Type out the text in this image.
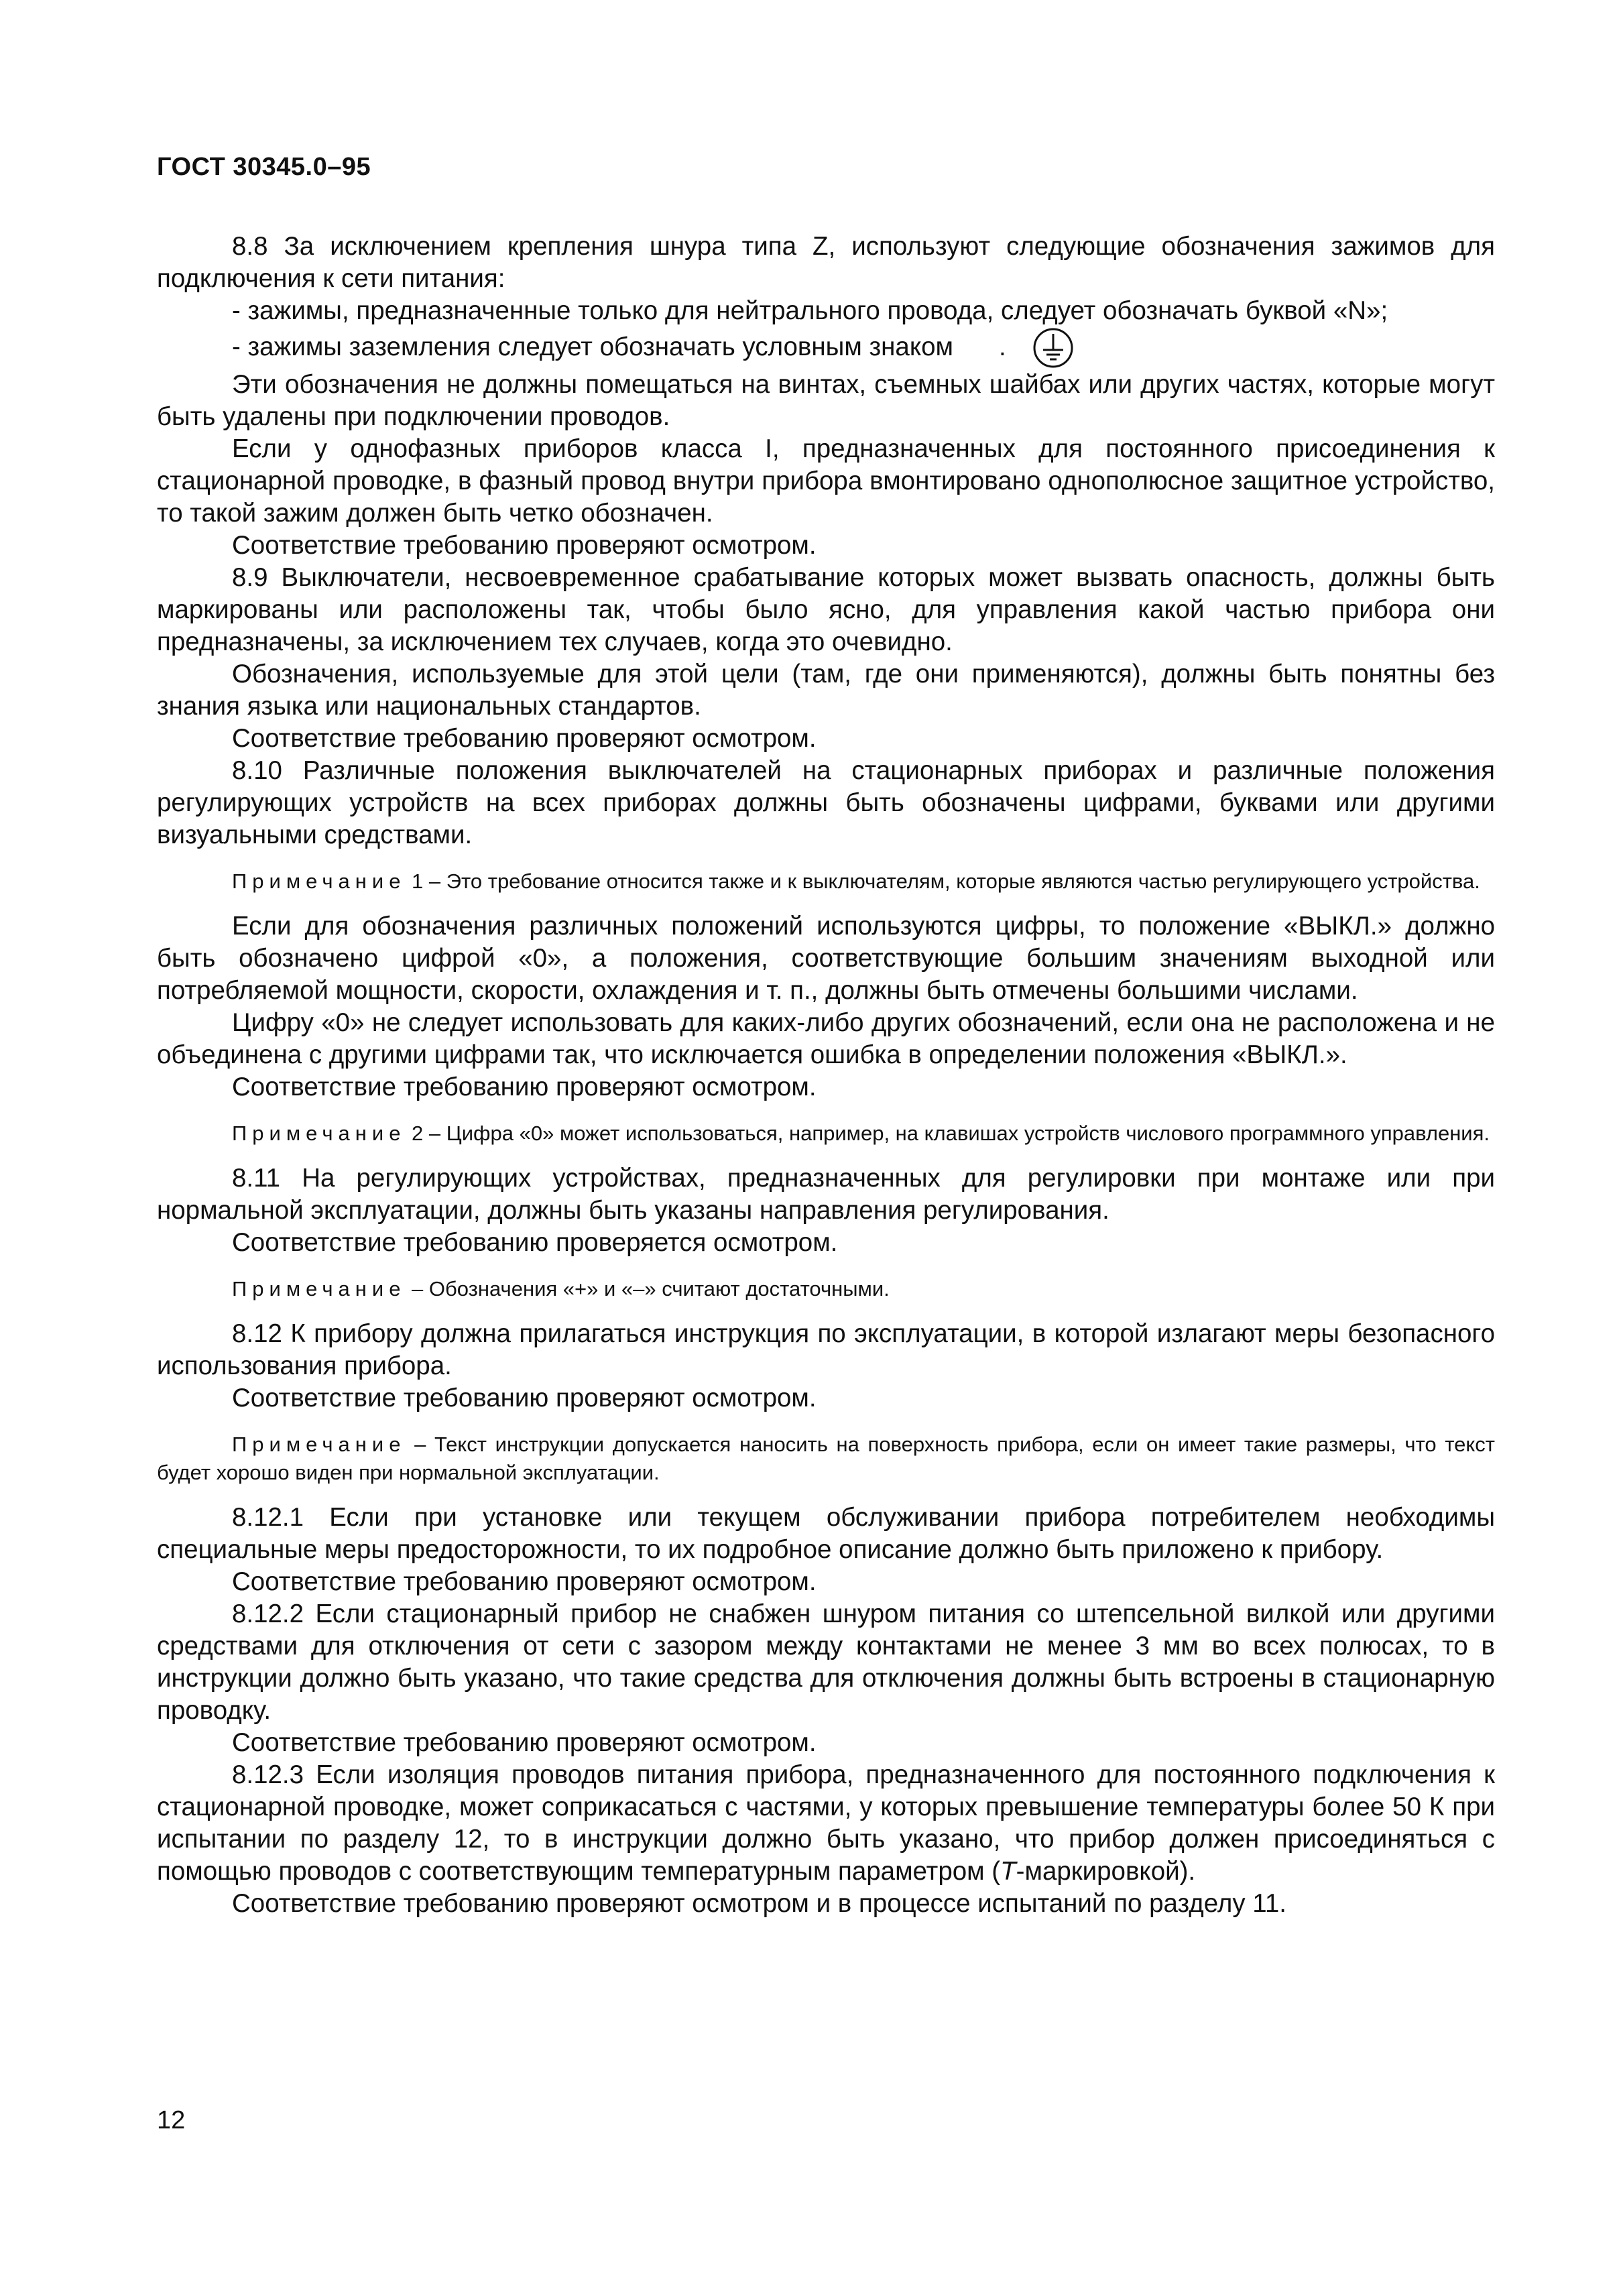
ГОСТ 30345.0–95

8.8 За исключением крепления шнура типа Z, используют следующие обозначения зажимов для подключения к сети питания:

- зажимы, предназначенные только для нейтрального провода, следует обозначать буквой «N»;

- зажимы заземления следует обозначать условным знаком .

Эти обозначения не должны помещаться на винтах, съемных шайбах или других частях, которые могут быть удалены при подключении проводов.

Если у однофазных приборов класса I, предназначенных для постоянного присоединения к стационарной проводке, в фазный провод внутри прибора вмонтировано однополюсное защитное устройство, то такой зажим должен быть четко обозначен.

Соответствие требованию проверяют осмотром.

8.9 Выключатели, несвоевременное срабатывание которых может вызвать опасность, должны быть маркированы или расположены так, чтобы было ясно, для управления какой частью прибора они предназначены, за исключением тех случаев, когда это очевидно.

Обозначения, используемые для этой цели (там, где они применяются), должны быть понятны без знания языка или национальных стандартов.

Соответствие требованию проверяют осмотром.

8.10 Различные положения выключателей на стационарных приборах и различные положения регулирующих устройств на всех приборах должны быть обозначены цифрами, буквами или другими визуальными средствами.

Примечание 1 – Это требование относится также и к выключателям, которые являются частью регулирующего устройства.

Если для обозначения различных положений используются цифры, то положение «ВЫКЛ.» должно быть обозначено цифрой «0», а положения, соответствующие большим значениям выходной или потребляемой мощности, скорости, охлаждения и т. п., должны быть отмечены большими числами.

Цифру «0» не следует использовать для каких-либо других обозначений, если она не расположена и не объединена с другими цифрами так, что исключается ошибка в определении положения «ВЫКЛ.».

Соответствие требованию проверяют осмотром.

Примечание 2 – Цифра «0» может использоваться, например, на клавишах устройств числового программного управления.

8.11 На регулирующих устройствах, предназначенных для регулировки при монтаже или при нормальной эксплуатации, должны быть указаны направления регулирования.

Соответствие требованию проверяется осмотром.

Примечание – Обозначения «+» и «–» считают достаточными.

8.12 К прибору должна прилагаться инструкция по эксплуатации, в которой излагают меры безопасного использования прибора.

Соответствие требованию проверяют осмотром.

Примечание – Текст инструкции допускается наносить на поверхность прибора, если он имеет такие размеры, что текст будет хорошо виден при нормальной эксплуатации.

8.12.1 Если при установке или текущем обслуживании прибора потребителем необходимы специальные меры предосторожности, то их подробное описание должно быть приложено к прибору.

Соответствие требованию проверяют осмотром.

8.12.2 Если стационарный прибор не снабжен шнуром питания со штепсельной вилкой или другими средствами для отключения от сети с зазором между контактами не менее 3 мм во всех полюсах, то в инструкции должно быть указано, что такие средства для отключения должны быть встроены в стационарную проводку.

Соответствие требованию проверяют осмотром.

8.12.3 Если изоляция проводов питания прибора, предназначенного для постоянного подключения к стационарной проводке, может соприкасаться с частями, у которых превышение температуры более 50 К при испытании по разделу 12, то в инструкции должно быть указано, что прибор должен присоединяться с помощью проводов с соответствующим температурным параметром (Т-маркировкой).

Соответствие требованию проверяют осмотром и в процессе испытаний по разделу 11.

12
